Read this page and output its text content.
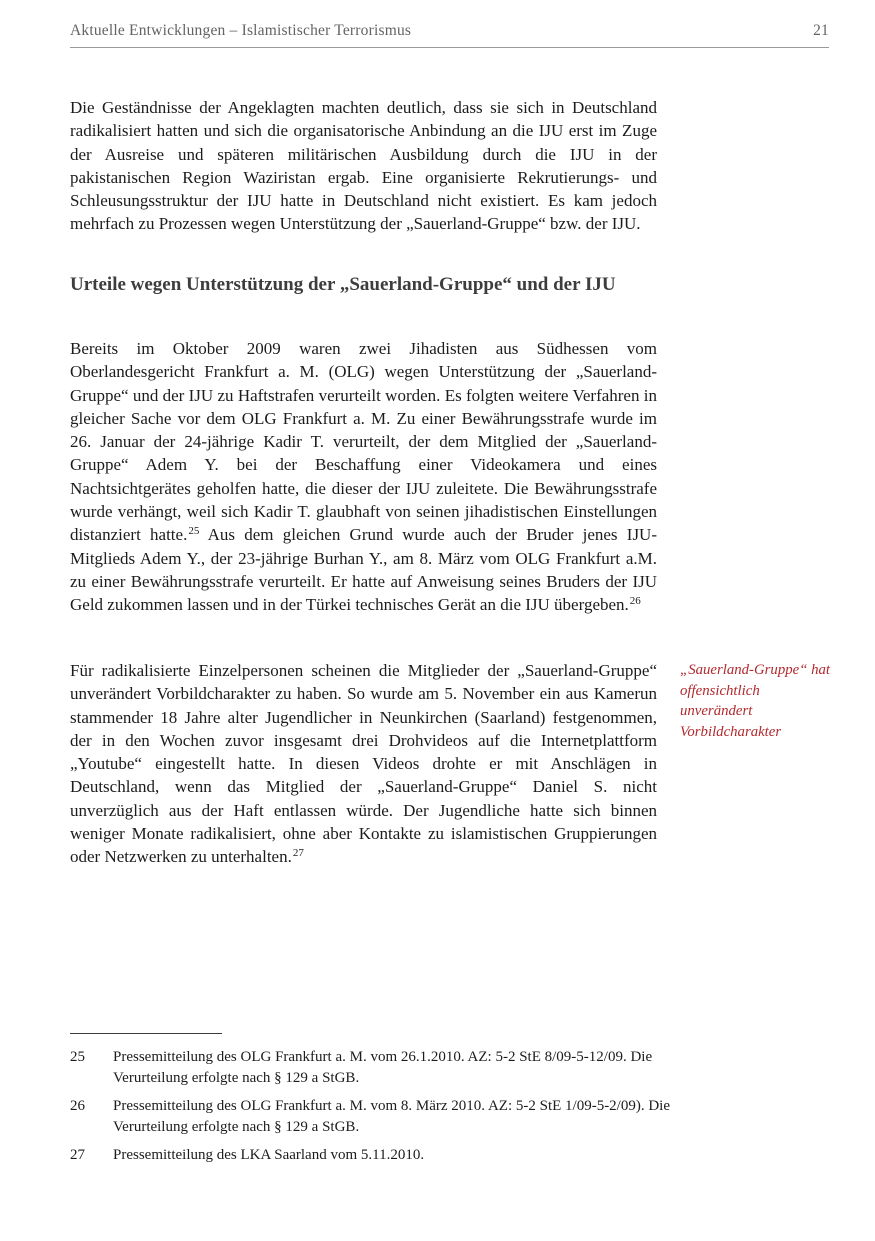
Aktuelle Entwicklungen – Islamistischer Terrorismus	21

Die Geständnisse der Angeklagten machten deutlich, dass sie sich in Deutschland radikalisiert hatten und sich die organisatorische Anbindung an die IJU erst im Zuge der Ausreise und späteren militärischen Ausbildung durch die IJU in der pakistanischen Region Waziristan ergab. Eine organisierte Rekrutierungs- und Schleusungsstruktur der IJU hatte in Deutschland nicht existiert. Es kam jedoch mehrfach zu Prozessen wegen Unterstützung der „Sauerland-Gruppe“ bzw. der IJU.

Urteile wegen Unterstützung der „Sauerland-Gruppe“ und der IJU

Bereits im Oktober 2009 waren zwei Jihadisten aus Südhessen vom Oberlandesgericht Frankfurt a. M. (OLG) wegen Unterstützung der „Sauerland-Gruppe“ und der IJU zu Haftstrafen verurteilt worden. Es folgten weitere Verfahren in gleicher Sache vor dem OLG Frankfurt a. M. Zu einer Bewährungsstrafe wurde im 26. Januar der 24-jährige Kadir T. verurteilt, der dem Mitglied der „Sauerland-Gruppe“ Adem Y. bei der Beschaffung einer Videokamera und eines Nachtsichtgerätes geholfen hatte, die dieser der IJU zuleitete. Die Bewährungsstrafe wurde verhängt, weil sich Kadir T. glaubhaft von seinen jihadistischen Einstellungen distanziert hatte.$^{25}$ Aus dem gleichen Grund wurde auch der Bruder jenes IJU-Mitglieds Adem Y., der 23-jährige Burhan Y., am 8. März vom OLG Frankfurt a.M. zu einer Bewährungsstrafe verurteilt. Er hatte auf Anweisung seines Bruders der IJU Geld zukommen lassen und in der Türkei technisches Gerät an die IJU übergeben.$^{26}$

Für radikalisierte Einzelpersonen scheinen die Mitglieder der „Sauerland-Gruppe“ unverändert Vorbildcharakter zu haben. So wurde am 5. November ein aus Kamerun stammender 18 Jahre alter Jugendlicher in Neunkirchen (Saarland) festgenommen, der in den Wochen zuvor insgesamt drei Drohvideos auf die Internetplattform „Youtube“ eingestellt hatte. In diesen Videos drohte er mit Anschlägen in Deutschland, wenn das Mitglied der „Sauerland-Gruppe“ Daniel S. nicht unverzüglich aus der Haft entlassen würde. Der Jugendliche hatte sich binnen weniger Monate radikalisiert, ohne aber Kontakte zu islamistischen Gruppierungen oder Netzwerken zu unterhalten.$^{27}$

„Sauerland-Gruppe“ hat offensichtlich unverändert Vorbildcharakter
25	Pressemitteilung des OLG Frankfurt a. M. vom 26.1.2010. AZ: 5-2 StE 8/09-5-12/09. Die Verurteilung erfolgte nach § 129 a StGB.
26	Pressemitteilung des OLG Frankfurt a. M. vom 8. März 2010. AZ: 5-2 StE 1/09-5-2/09). Die Verurteilung erfolgte nach § 129 a StGB.
27	Pressemitteilung des LKA Saarland vom 5.11.2010.
